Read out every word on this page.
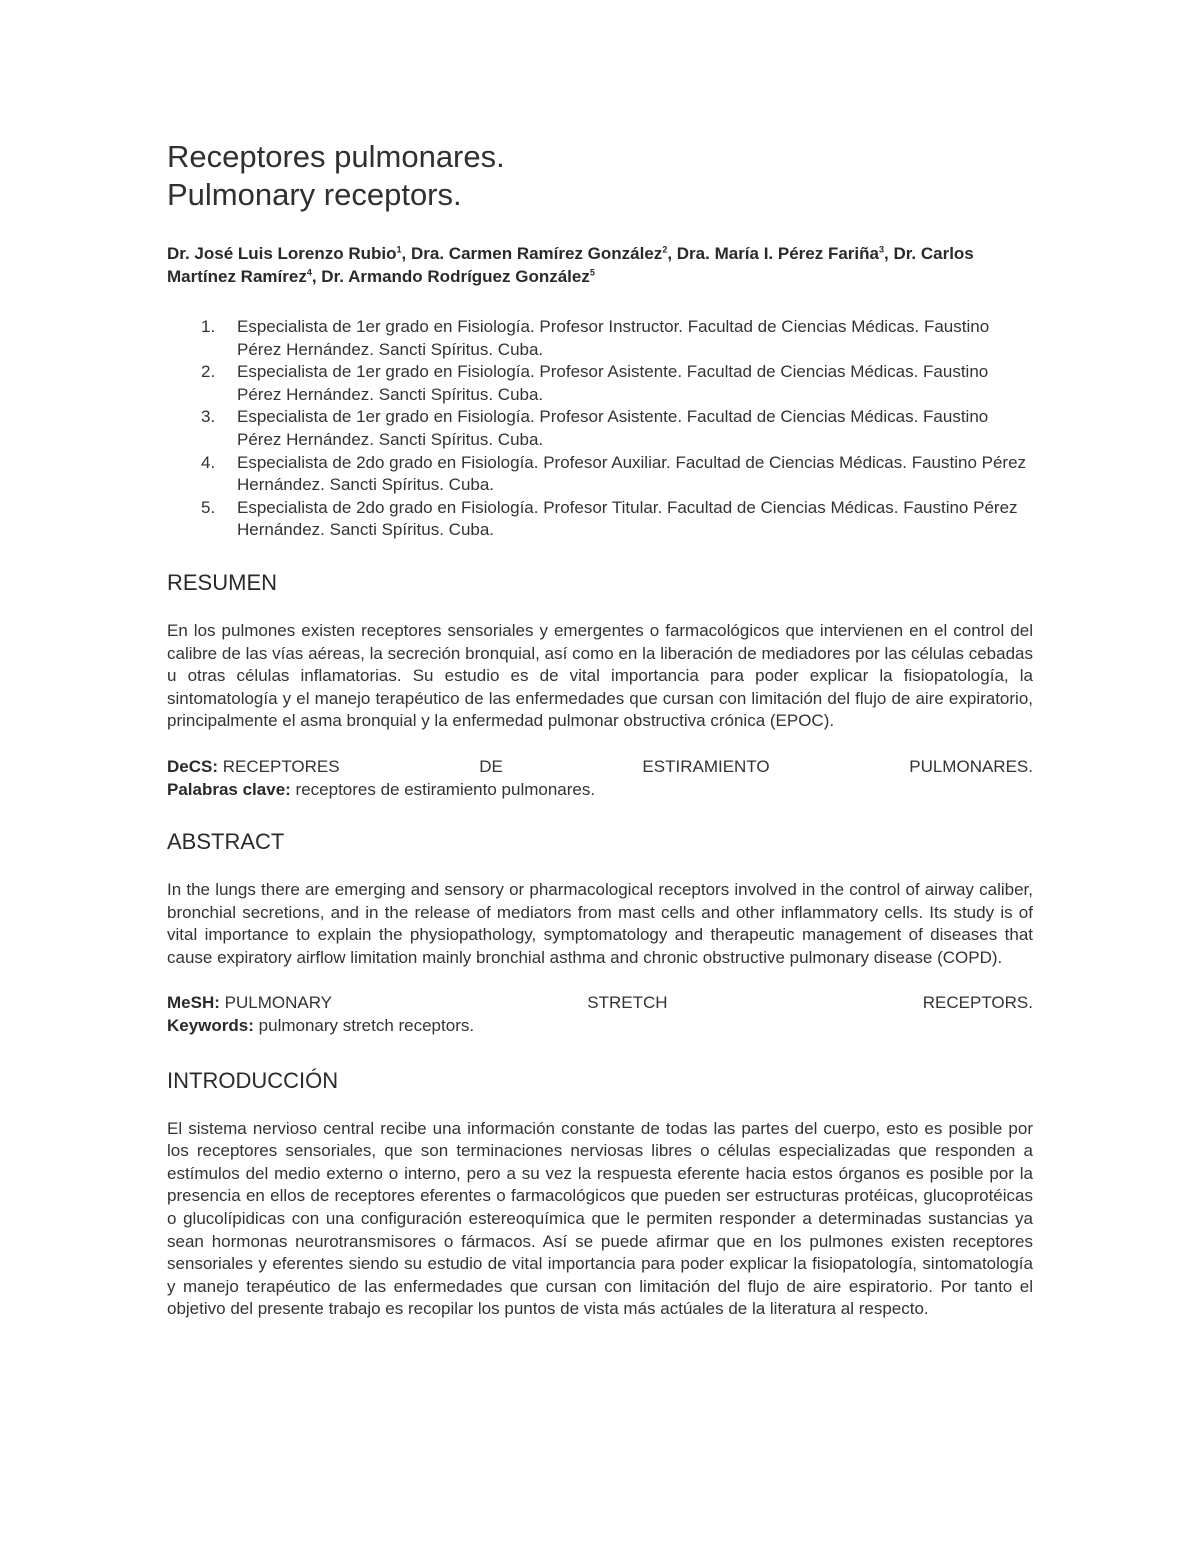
Receptores pulmonares.
Pulmonary receptors.
Dr. José Luis Lorenzo Rubio$^1$, Dra. Carmen Ramírez González$^2$, Dra. María I. Pérez Fariña$^3$, Dr. Carlos Martínez Ramírez$^4$, Dr. Armando Rodríguez González$^5$
1. Especialista de 1er grado en Fisiología. Profesor Instructor. Facultad de Ciencias Médicas. Faustino Pérez Hernández. Sancti Spíritus. Cuba.
2. Especialista de 1er grado en Fisiología. Profesor Asistente. Facultad de Ciencias Médicas. Faustino Pérez Hernández. Sancti Spíritus. Cuba.
3. Especialista de 1er grado en Fisiología. Profesor Asistente. Facultad de Ciencias Médicas. Faustino Pérez Hernández. Sancti Spíritus. Cuba.
4. Especialista de 2do grado en Fisiología. Profesor Auxiliar. Facultad de Ciencias Médicas. Faustino Pérez Hernández. Sancti Spíritus. Cuba.
5. Especialista de 2do grado en Fisiología. Profesor Titular. Facultad de Ciencias Médicas. Faustino Pérez Hernández. Sancti Spíritus. Cuba.
RESUMEN

En los pulmones existen receptores sensoriales y emergentes o farmacológicos que intervienen en el control del calibre de las vías aéreas, la secreción bronquial, así como en la liberación de mediadores por las células cebadas u otras células inflamatorias. Su estudio es de vital importancia para poder explicar la fisiopatología, la sintomatología y el manejo terapéutico de las enfermedades que cursan con limitación del flujo de aire expiratorio, principalmente el asma bronquial y la enfermedad pulmonar obstructiva crónica (EPOC).

DeCS: RECEPTORES	DE	ESTIRAMIENTO	PULMONARES.
Palabras clave: receptores de estiramiento pulmonares.
ABSTRACT

In the lungs there are emerging and sensory or pharmacological receptors involved in the control of airway caliber, bronchial secretions, and in the release of mediators from mast cells and other inflammatory cells. Its study is of vital importance to explain the physiopathology, symptomatology and therapeutic management of diseases that cause expiratory airflow limitation mainly bronchial asthma and chronic obstructive pulmonary disease (COPD).

MeSH: PULMONARY	STRETCH	RECEPTORS.
Keywords: pulmonary stretch receptors.
INTRODUCCIÓN

El sistema nervioso central recibe una información constante de todas las partes del cuerpo, esto es posible por los receptores sensoriales, que son terminaciones nerviosas libres o células especializadas que responden a estímulos del medio externo o interno, pero a su vez la respuesta eferente hacia estos órganos es posible por la presencia en ellos de receptores eferentes o farmacológicos que pueden ser estructuras protéicas, glucoprotéicas o glucolípidicas con una configuración estereoquímica que le permiten responder a determinadas sustancias ya sean hormonas neurotransmisores o fármacos. Así se puede afirmar que en los pulmones existen receptores sensoriales y eferentes siendo su estudio de vital importancia para poder explicar la fisiopatología, sintomatología y manejo terapéutico de las enfermedades que cursan con limitación del flujo de aire espiratorio. Por tanto el objetivo del presente trabajo es recopilar los puntos de vista más actúales de la literatura al respecto.
